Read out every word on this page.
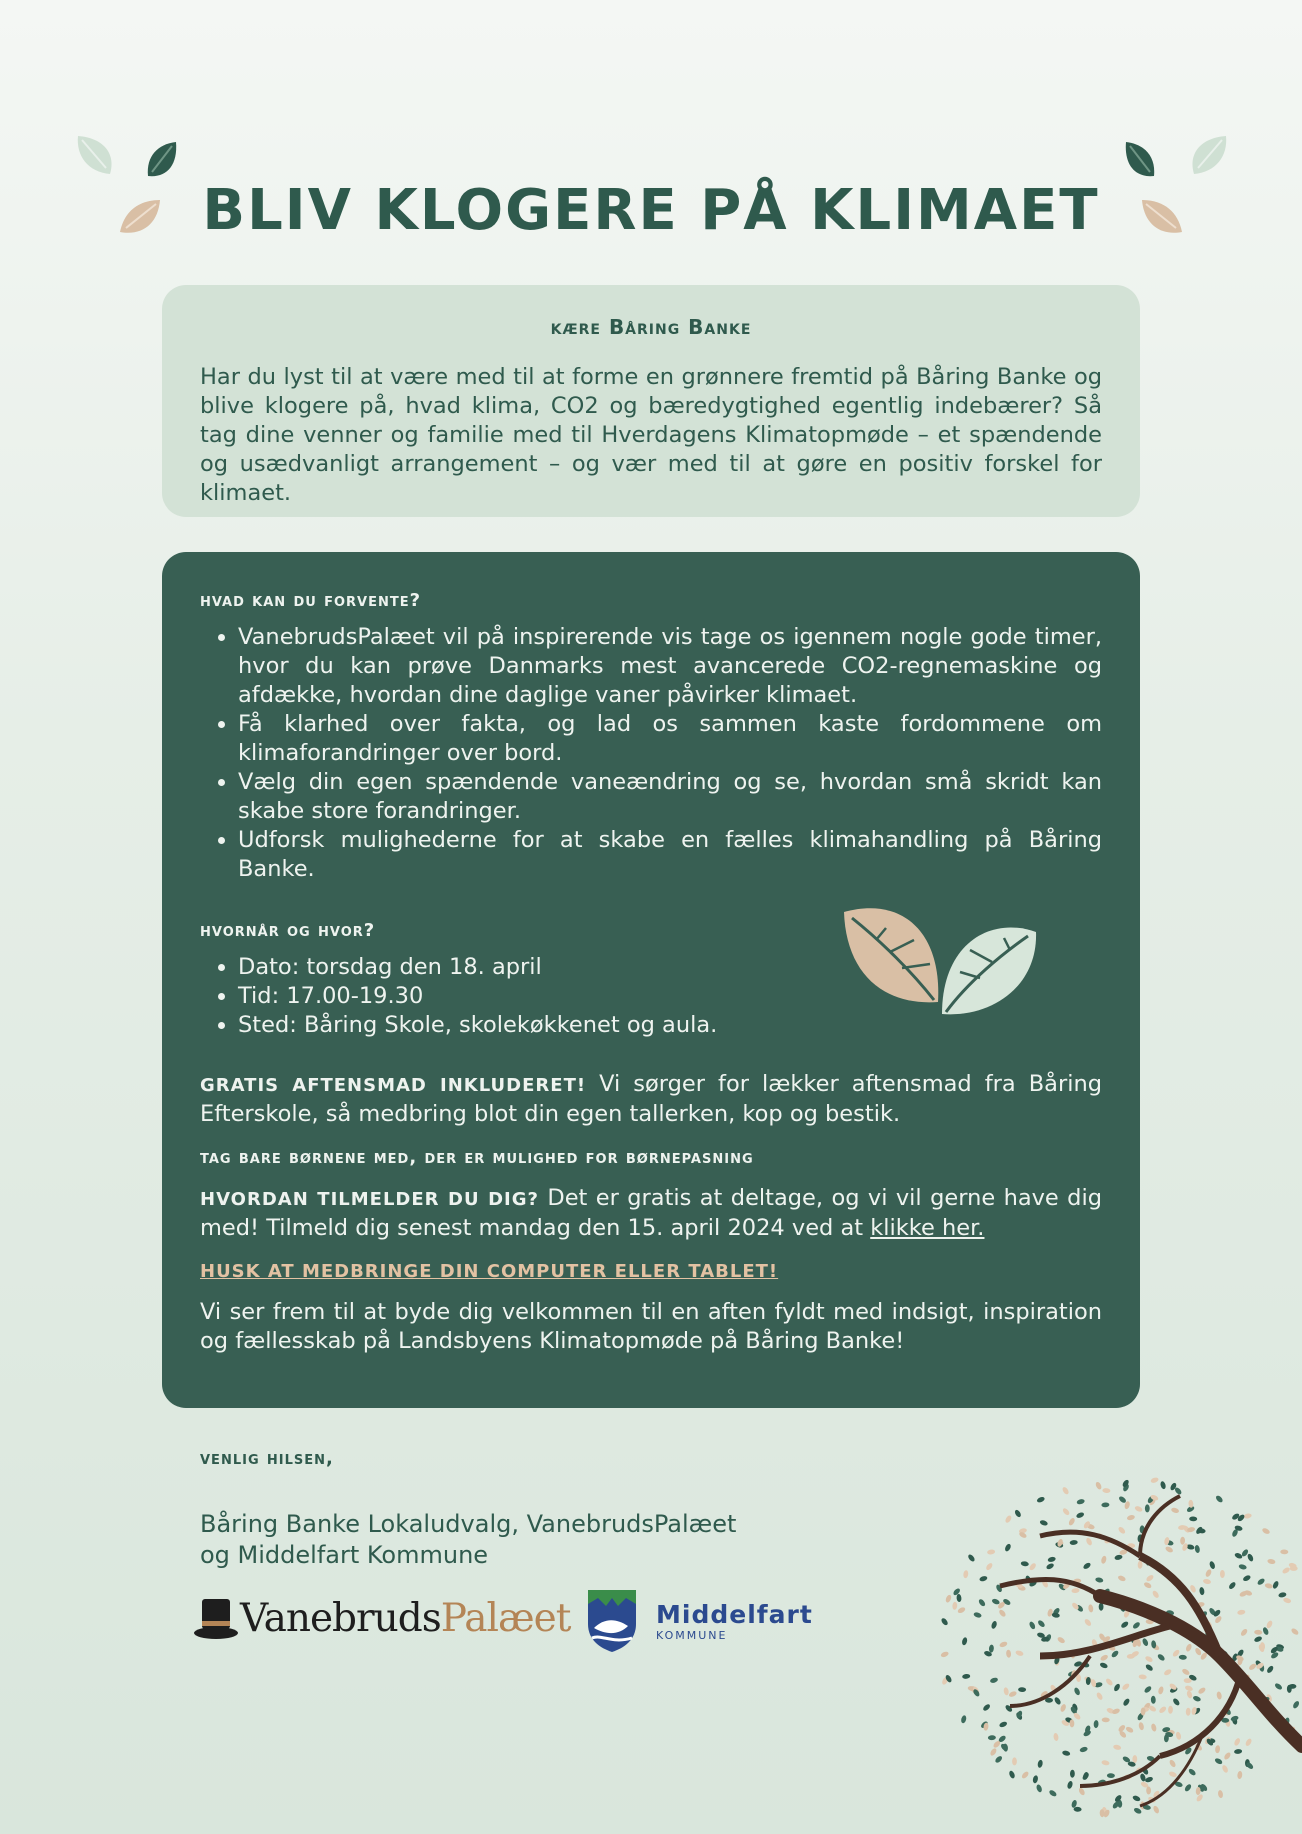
BLIV KLOGERE PÅ KLIMAET
kære Båring Banke

Har du lyst til at være med til at forme en grønnere fremtid på Båring Banke og blive klogere på, hvad klima, CO2 og bæredygtighed egentlig indebærer? Så tag dine venner og familie med til Hverdagens Klimatopmøde – et spændende og usædvanligt arrangement – og vær med til at gøre en positiv forskel for klimaet.

hvad kan du forvente?
• VanebrudsPalæet vil på inspirerende vis tage os igennem nogle gode timer, hvor du kan prøve Danmarks mest avancerede CO2-regnemaskine og afdække, hvordan dine daglige vaner påvirker klimaet.
• Få klarhed over fakta, og lad os sammen kaste fordommene om klimaforandringer over bord.
• Vælg din egen spændende vaneændring og se, hvordan små skridt kan skabe store forandringer.
• Udforsk mulighederne for at skabe en fælles klimahandling på Båring Banke.
hvornår og hvor?
• Dato: torsdag den 18. april
• Tid: 17.00-19.30
• Sted: Båring Skole, skolekøkkenet og aula.

GRATIS AFTENSMAD INKLUDERET! Vi sørger for lækker aftensmad fra Båring Efterskole, så medbring blot din egen tallerken, kop og bestik.

tag bare børnene med, der er mulighed for børnepasning

HVORDAN TILMELDER DU DIG? Det er gratis at deltage, og vi vil gerne have dig med! Tilmeld dig senest mandag den 15. april 2024 ved at klikke her.

HUSK AT MEDBRINGE DIN COMPUTER ELLER TABLET!

Vi ser frem til at byde dig velkommen til en aften fyldt med indsigt, inspiration og fællesskab på Landsbyens Klimatopmøde på Båring Banke!

venlig hilsen,
Båring Banke Lokaludvalg, VanebrudsPalæet
og Middelfart Kommune
VanebrudsPalæet	Middelfart
KOMMUNE
